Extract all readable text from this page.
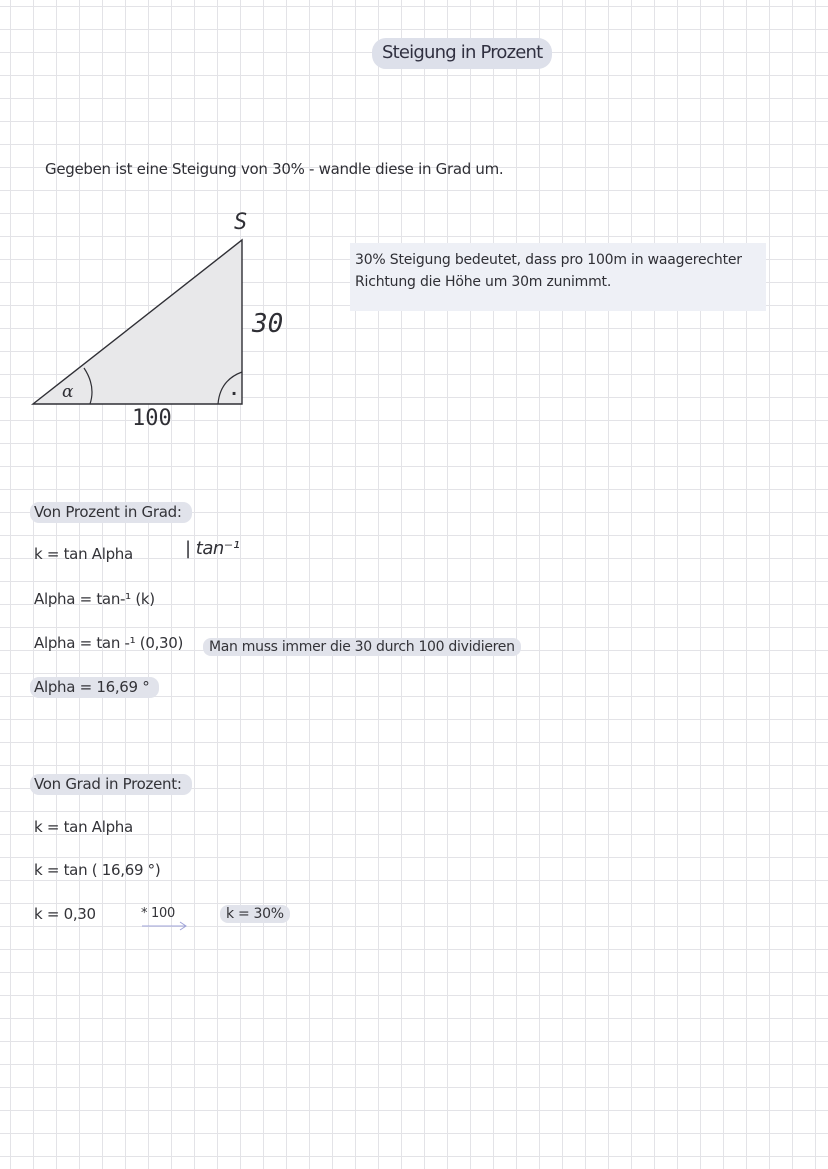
Steigung in Prozent
Gegeben ist eine Steigung von 30% - wandle diese in Grad um.
S
30
100
α	·
30% Steigung bedeutet, dass pro 100m in waagerechter
Richtung die Höhe um 30m zunimmt.
Von Prozent in Grad:
k = tan Alpha	| tan⁻¹
Alpha = tan-¹ (k)
Alpha = tan -¹ (0,30)	Man muss immer die 30 durch 100 dividieren
Alpha = 16,69 °
Von Grad in Prozent:
k = tan Alpha
k = tan ( 16,69 °)
k = 0,30	* 100	k = 30%
